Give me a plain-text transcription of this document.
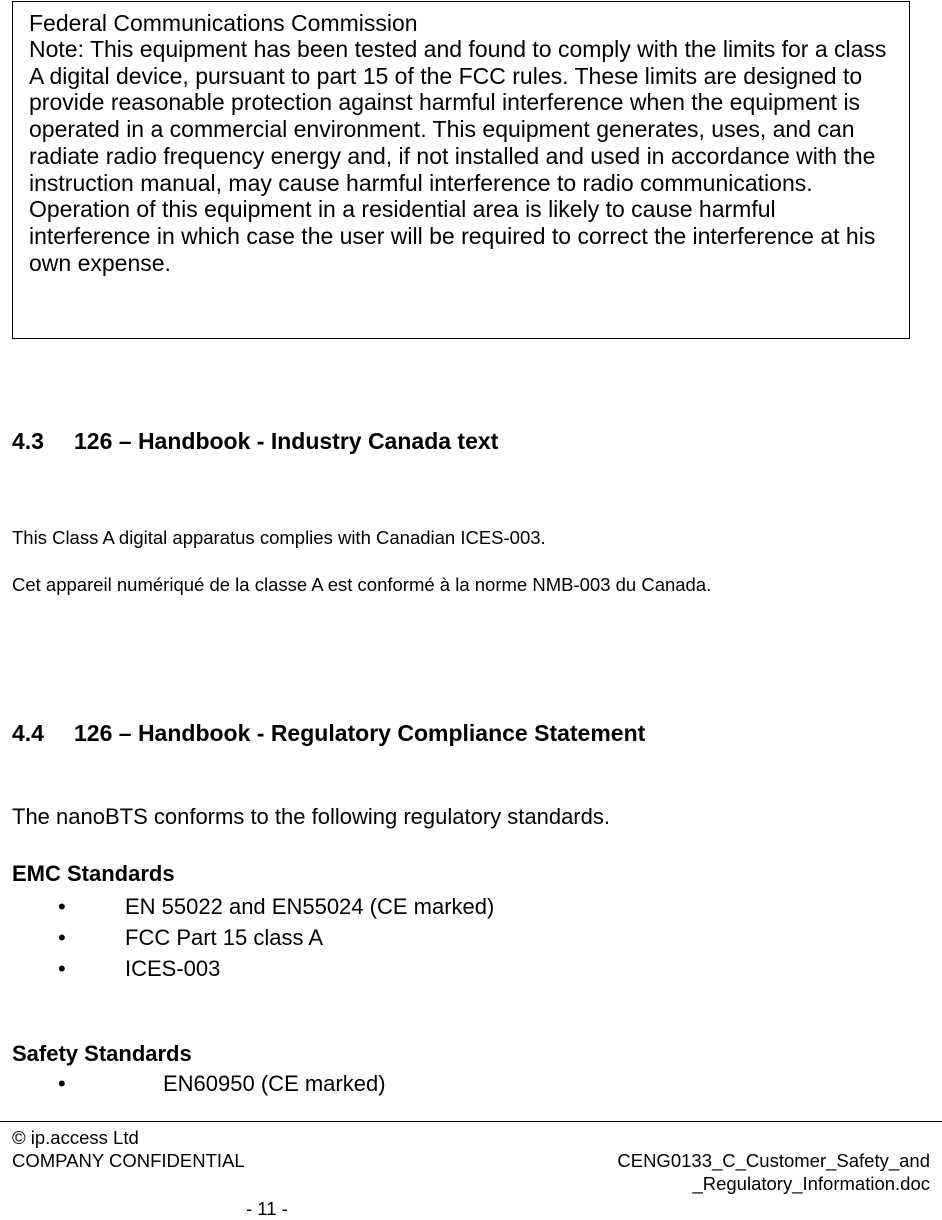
Federal Communications Commission

Note: This equipment has been tested and found to comply with the limits for a class A digital device, pursuant to part 15 of the FCC rules. These limits are designed to provide reasonable protection against harmful interference when the equipment is operated in a commercial environment. This equipment generates, uses, and can radiate radio frequency energy and, if not installed and used in accordance with the instruction manual, may cause harmful interference to radio communications. Operation of this equipment in a residential area is likely to cause harmful interference in which case the user will be required to correct the interference at his own expense.

4.3 126 – Handbook - Industry Canada text

This Class A digital apparatus complies with Canadian ICES-003.

Cet appareil numériqué de la classe A est conformé à la norme NMB-003 du Canada.

4.4 126 – Handbook - Regulatory Compliance Statement

The nanoBTS conforms to the following regulatory standards.

EMC Standards

•	EN 55022 and EN55024 (CE marked)
•	FCC Part 15 class A
•	ICES-003

Safety Standards

•	EN60950 (CE marked)

© ip.access Ltd

COMPANY CONFIDENTIAL	CENG0133_C_Customer_Safety_and

_Regulatory_Information.doc

- 11 -
